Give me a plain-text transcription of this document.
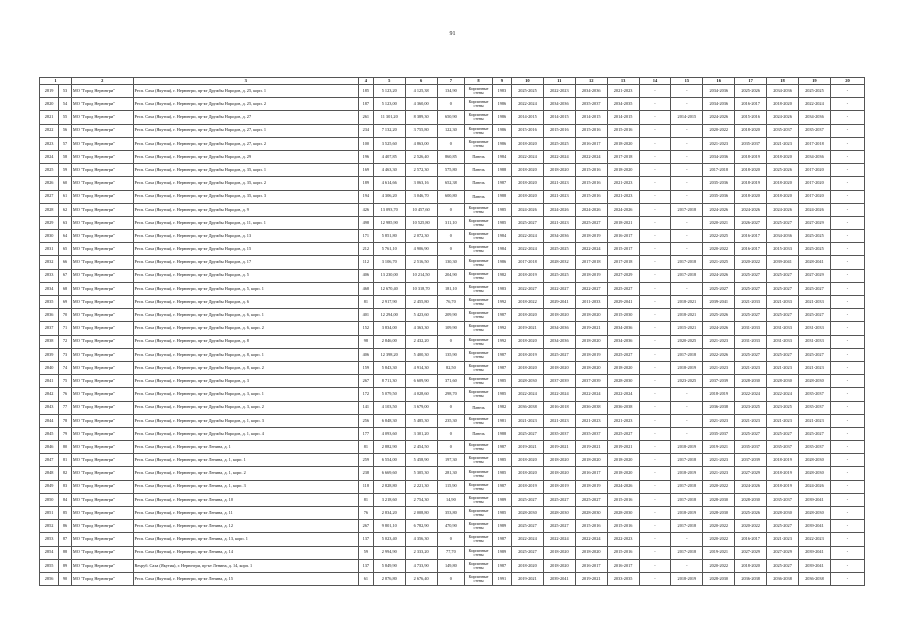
91
1		2	3	4	5	6	7	8	9	10	11	12	13	14	15	16	17	18	19	20
2819	53	МО "Город Нерюнгри"	Респ. Саха (Якутия), г. Нерюнгри, пр-кт Дружбы Народов, д. 25, корп. 1	185	5 123,20	4 125,38	134,90	Кирпичные стены	1983	2025-2025	2022-2023	2034-2036	2021-2023	-	-	2034-2036	2025-2026	2034-2036	2025-2025	-
2820	54	МО "Город Нерюнгри"	Респ. Саха (Якутия), г. Нерюнгри, пр-кт Дружбы Народов, д. 25, корп. 2	187	5 123,00	4 360,00	0	Кирпичные стены	1986	2022-2024	2034-2036	2035-2037	2034-2035	-	-	2034-2036	2016-2017	2018-2020	2022-2024	-
2821	55	МО "Город Нерюнгри"	Респ. Саха (Якутия), г. Нерюнгри, пр-кт Дружбы Народов, д. 27	261	11 301,20	8 389,30	650,90	Кирпичные стены	1986	2014-2015	2014-2015	2014-2015	2014-2015	-	2014-2015	2024-2026	2015-2016	2024-2026	2034-2036	-
2822	56	МО "Город Нерюнгри"	Респ. Саха (Якутия), г. Нерюнгри, пр-кт Дружбы Народов, д. 27, корп. 1	234	7 132,20	3 755,80	122,30	Кирпичные стены	1986	2015-2016	2015-2016	2015-2016	2015-2016	-	-	2020-2022	2018-2020	2035-2037	2035-2037	-
2823	57	МО "Город Нерюнгри"	Респ. Саха (Якутия), г. Нерюнгри, пр-кт Дружбы Народов, д. 27, корп. 2	100	3 525,60	4 863,00	0	Кирпичные стены	1986	2018-2020	2025-2025	2016-2017	2018-2020	-	-	2021-2023	2035-2037	2021-2023	2017-2018	-
2824	58	МО "Город Нерюнгри"	Респ. Саха (Якутия), г. Нерюнгри, пр-кт Дружбы Народов, д. 29	196	4 407,85	2 526,40	860,85	Панель	1984	2022-2024	2022-2024	2022-2024	2017-2018	-	-	2034-2036	2018-2019	2018-2020	2034-2036	-
2825	59	МО "Город Нерюнгри"	Респ. Саха (Якутия), г. Нерюнгри, пр-кт Дружбы Народов, д. 35, корп. 1	169	4 463,30	2 572,30	575,80	Панель	1988	2018-2020	2018-2020	2015-2016	2018-2020	-	-	2017-2018	2018-2020	2025-2026	2017-2020	-
2826	60	МО "Город Нерюнгри"	Респ. Саха (Якутия), г. Нерюнгри, пр-кт Дружбы Народов, д. 35, корп. 2	189	4 614,66	3 063,16	652,38	Панель	1987	2018-2020	2021-2023	2015-2016	2021-2023	-	-	2035-2036	2018-2019	2018-2020	2017-2020	-
2827	61	МО "Город Нерюнгри"	Респ. Саха (Якутия), г. Нерюнгри, пр-кт Дружбы Народов, д. 35, корп. 3	194	4 306,20	3 046,70	600,80	Панель	1988	2018-2020	2021-2023	2015-2016	2021-2023	-	-	2035-2036	2018-2020	2018-2020	2017-2020	-
2828	62	МО "Город Нерюнгри"	Респ. Саха (Якутия), г. Нерюнгри, пр-кт Дружбы Народов, д. 9	426	13 093,70	10 457,60	0	Кирпичные стены	1985	2024-2026	2024-2026	2024-2026	2024-2026	-	2017-2018	2024-2026	2024-2026	2024-2026	2024-2026	-
2829	63	МО "Город Нерюнгри"	Респ. Саха (Якутия), г. Нерюнгри, пр-кт Дружбы Народов, д. 11, корп. 1	498	12 985,90	10 525,80	311,10	Кирпичные стены	1985	2025-2027	2021-2023	2025-2027	2018-2021	-	-	2020-2021	2026-2027	2025-2027	2027-2029	-
2830	64	МО "Город Нерюнгри"	Респ. Саха (Якутия), г. Нерюнгри, пр-кт Дружбы Народов, д. 13	171	5 851,80	2 072,30	0	Кирпичные стены	1984	2022-2024	2034-2036	2018-2019	2016-2017	-	-	2022-2025	2016-2017	2034-2036	2025-2025	-
2831	65	МО "Город Нерюнгри"	Респ. Саха (Якутия), г. Нерюнгри, пр-кт Дружбы Народов, д. 15	212	5 761,10	4 906,90	0	Кирпичные стены	1984	2022-2024	2025-2025	2022-2024	2015-2017	-	-	2020-2022	2016-2017	2015-2033	2025-2025	-
2832	66	МО "Город Нерюнгри"	Респ. Саха (Якутия), г. Нерюнгри, пр-кт Дружбы Народов, д. 17	112	3 106,70	2 516,50	130,30	Кирпичные стены	1986	2017-2018	2028-2032	2017-2018	2017-2018	-	2017-2018	2021-2025	2020-2022	2039-2041	2028-2041	-
2833	67	МО "Город Нерюнгри"	Респ. Саха (Якутия), г. Нерюнгри, пр-кт Дружбы Народов, д. 5	406	13 230,00	10 214,50	204,90	Кирпичные стены	1982	2018-2019	2025-2025	2018-2019	2027-2029	-	2017-2018	2024-2026	2025-2027	2025-2027	2027-2029	-
2834	68	МО "Город Нерюнгри"	Респ. Саха (Якутия), г. Нерюнгри, пр-кт Дружбы Народов, д. 5, корп. 1	468	12 670,40	10 318,70	181,10	Кирпичные стены	1983	2022-2027	2022-2027	2022-2027	2025-2027	-	-	2025-2027	2025-2027	2025-2027	2025-2027	-
2835	69	МО "Город Нерюнгри"	Респ. Саха (Якутия), г. Нерюнгри, пр-кт Дружбы Народов, д. 6	81	2 917,90	2 455,80	76,70	Кирпичные стены	1992	2018-2022	2029-2041	2011-2033	2029-2041	-	2018-2021	2039-2041	2021-2033	2021-2033	2021-2033	-
2836	70	МО "Город Нерюнгри"	Респ. Саха (Якутия), г. Нерюнгри, пр-кт Дружбы Народов, д. 6, корп. 1	401	12 294,00	5 423,60	209,90	Кирпичные стены	1987	2018-2020	2018-2020	2018-2020	2015-2030	-	2018-2021	2025-2026	2025-2027	2025-2027	2025-2027	-
2837	71	МО "Город Нерюнгри"	Респ. Саха (Якутия), г. Нерюнгри, пр-кт Дружбы Народов, д. 6, корп. 2	152	3 834,00	4 363,30	109,90	Кирпичные стены	1992	2019-2021	2034-2036	2019-2021	2034-2036	-	2015-2021	2024-2026	2031-2033	2031-2033	2031-2033	-
2838	72	МО "Город Нерюнгри"	Респ. Саха (Якутия), г. Нерюнгри, пр-кт Дружбы Народов, д. 8	98	2 846,00	2 432,20	0	Кирпичные стены	1992	2018-2020	2034-2036	2018-2020	2034-2036	-	2020-2025	2021-2023	2031-2033	2031-2033	2031-2033	-
2839	73	МО "Город Нерюнгри"	Респ. Саха (Якутия), г. Нерюнгри, пр-кт Дружбы Народов, д. 8, корп. 1	406	12 398,20	5 400,30	135,90	Кирпичные стены	1987	2018-2019	2025-2027	2018-2019	2025-2027	-	2017-2018	2022-2026	2025-2027	2025-2027	2025-2027	-
2840	74	МО "Город Нерюнгри"	Респ. Саха (Якутия), г. Нерюнгри, пр-кт Дружбы Народов, д. 8, корп. 2	159	5 843,30	4 914,30	82,50	Кирпичные стены	1987	2018-2020	2018-2020	2018-2020	2018-2020	-	2018-2019	2021-2023	2021-2023	2021-2023	2021-2023	-
2841	75	МО "Город Нерюнгри"	Респ. Саха (Якутия), г. Нерюнгри, пр-кт Дружбы Народов, д. 3	267	8 711,30	6 609,90	371,60	Кирпичные стены	1985	2028-2030	2037-2039	2037-2039	2028-2030	-	2023-2025	2037-2039	2028-2030	2028-2030	2028-2030	-
2842	76	МО "Город Нерюнгри"	Респ. Саха (Якутия), г. Нерюнгри, пр-кт Дружбы Народов, д. 3, корп. 1	172	5 079,50	4 028,60	298,70	Кирпичные стены	1985	2022-2024	2022-2024	2022-2024	2022-2024	-	-	2018-2019	2022-2024	2022-2024	2035-2037	-
2843	77	МО "Город Нерюнгри"	Респ. Саха (Якутия), г. Нерюнгри, пр-кт Дружбы Народов, д. 3, корп. 2	141	4 103,50	3 679,00	0	Панель	1982	2036-2038	2016-2018	2036-2038	2036-2038	-	-	2036-2038	2023-2025	2023-2025	2035-2037	-
2844	78	МО "Город Нерюнгри"	Респ. Саха (Якутия), г. Нерюнгри, пр-кт Дружбы Народов, д. 1, корп. 3	256	6 848,30	5 485,30	235,30	Кирпичные стены	1981	2021-2023	2021-2023	2021-2023	2021-2023	-	-	2021-2023	2021-2023	2021-2023	2021-2023	-
2845	79	МО "Город Нерюнгри"	Респ. Саха (Якутия), г. Нерюнгри, пр-кт Дружбы Народов, д. 1, корп. 4	177	4 093,60	3 301,20	0	Панель	1988	2025-2027	2035-2037	2035-2037	2025-2027	-	-	2035-2037	2025-2027	2025-2027	2025-2027	-
2846	80	МО "Город Нерюнгри"	Респ. Саха (Якутия), г. Нерюнгри, пр-кт Ленина, д. 1	81	2 882,90	2 454,50	0	Кирпичные стены	1987	2019-2021	2019-2021	2019-2021	2019-2021	-	2018-2019	2019-2021	2035-2037	2035-2037	2035-2037	-
2847	81	МО "Город Нерюнгри"	Респ. Саха (Якутия), г. Нерюнгри, пр-кт Ленина, д. 1, корп. 1	259	6 554,00	5 458,90	197,30	Кирпичные стены	1985	2018-2020	2018-2020	2018-2020	2018-2020	-	2017-2018	2021-2023	2037-2039	2018-2019	2028-2030	-
2848	82	МО "Город Нерюнгри"	Респ. Саха (Якутия), г. Нерюнгри, пр-кт Ленина, д. 1, корп. 2	238	6 669,60	5 305,30	281,30	Кирпичные стены	1985	2018-2020	2018-2020	2016-2017	2018-2020	-	2018-2019	2021-2023	2027-2029	2018-2019	2028-2030	-
2849	83	МО "Город Нерюнгри"	Респ. Саха (Якутия), г. Нерюнгри, пр-кт Ленина, д. 1, корп. 3	118	2 828,80	2 221,30	115,90	Кирпичные стены	1987	2018-2019	2018-2019	2018-2019	2024-2026	-	2017-2018	2020-2022	2024-2026	2018-2019	2024-2026	-
2850	84	МО "Город Нерюнгри"	Респ. Саха (Якутия), г. Нерюнгри, пр-кт Ленина, д. 10	81	3 218,60	2 754,30	14,90	Кирпичные стены	1989	2025-2027	2025-2027	2025-2027	2015-2016	-	2017-2018	2028-2030	2028-2030	2035-2037	2039-2041	-
2851	85	МО "Город Нерюнгри"	Респ. Саха (Якутия), г. Нерюнгри, пр-кт Ленина, д. 11	76	2 834,20	2 008,80	353,80	Кирпичные стены	1985	2028-2030	2028-2030	2028-2030	2028-2030	-	2018-2019	2028-2030	2025-2026	2028-2030	2028-2030	-
2852	86	МО "Город Нерюнгри"	Респ. Саха (Якутия), г. Нерюнгри, пр-кт Ленина, д. 12	267	9 801,10	6 782,90	470,90	Кирпичные стены	1989	2025-2027	2025-2027	2015-2016	2015-2016	-	2017-2018	2020-2022	2020-2022	2025-2027	2039-2041	-
2853	87	МО "Город Нерюнгри"	Респ. Саха (Якутия), г. Нерюнгри, пр-кт Ленина, д. 13, корп. 1	137	5 023,40	4 356,30	0	Кирпичные стены	1987	2022-2024	2022-2024	2022-2024	2022-2023	-	-	2020-2022	2016-2017	2021-2023	2022-2023	-
2854	88	МО "Город Нерюнгри"	Респ. Саха (Якутия), г. Нерюнгри, пр-кт Ленина, д. 14	59	2 994,90	2 333,20	77,70	Кирпичные стены	1989	2025-2027	2018-2020	2018-2020	2015-2016	-	2017-2018	2019-2021	2027-2029	2027-2029	2039-2041	-
2855	89	МО "Город Нерюнгри"	Respуб. Саха (Якутия), г. Нерюнгри, пр-кт Ленина, д. 14, корп. 1	137	5 849,90	4 733,90	149,80	Кирпичные стены	1987	2018-2020	2018-2020	2016-2017	2016-2017	-	-	2020-2022	2018-2020	2025-2027	2039-2041	-
2856	90	МО "Город Нерюнгри"	Респ. Саха (Якутия), г. Нерюнгри, пр-кт Ленина, д. 15	61	2 876,80	2 676,40	0	Кирпичные стены	1991	2019-2021	2039-2041	2019-2021	2033-2035	-	2018-2019	2028-2030	2036-2038	2036-2038	2036-2038	-
